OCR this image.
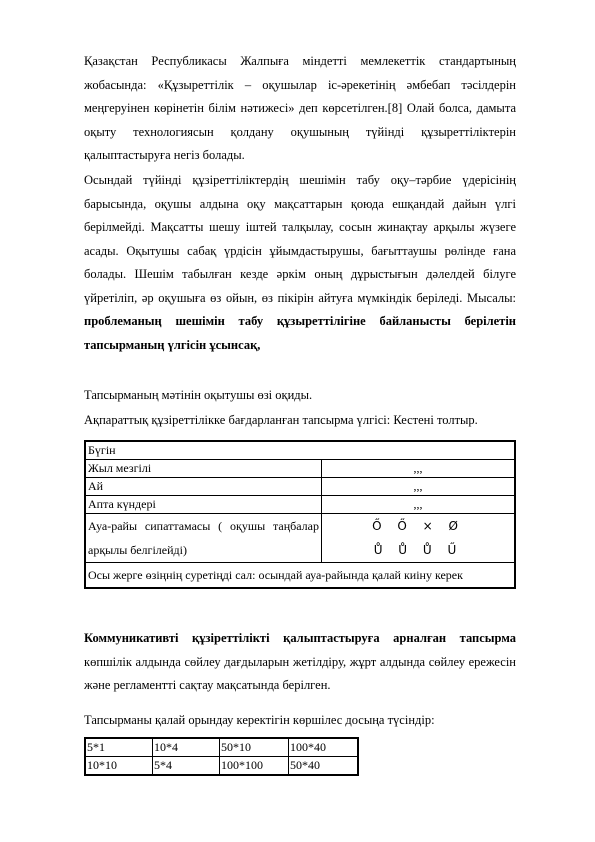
Қазақстан Республикасы Жалпыға міндетті мемлекеттік стандартының жобасында: «Құзыреттілік – оқушылар іс-әрекетінің әмбебап тәсілдерін меңгеруінен көрінетін білім нәтижесі» деп көрсетілген.[8] Олай болса, дамыта оқыту технологиясын қолдану оқушының түйінді құзыреттіліктерін қалыптастыруға негіз болады.

Осындай түйінді құзіреттіліктердің шешімін табу оқу–тәрбие үдерісінің барысында, оқушы алдына оқу мақсаттарын қоюда ешқандай дайын үлгі берілмейді. Мақсатты шешу іштей талқылау, сосын жинақтау арқылы жүзеге асады. Оқытушы сабақ үрдісін ұйымдастырушы, бағыттаушы рөлінде ғана болады. Шешім табылған кезде әркім оның дұрыстығын дәлелдей білуге үйретіліп, әр оқушыға өз ойын, өз пікірін айтуға мүмкіндік беріледі. Мысалы: проблеманың шешімін табу құзыреттілігіне байланысты берілетін тапсырманың үлгісін ұсынсақ,

Тапсырманың мәтінін оқытушы өзі оқиды.

Ақпараттық құзіреттілікке бағдарланған тапсырма үлгісі: Кестені толтыр.

Бүгін	
Жыл мезгілі	,,,
Ай	,,,
Апта күндері	,,,
Ауа-райы сипаттамасы ( оқушы таңбалар арқылы белгілейді)	Ő Ő × Ø
Ů Ů Ů Ű

Осы жерге өзіңнің суретіңді сал: осындай ауа-райында қалай киіну керек	

Коммуникативті құзіреттілікті қалыптастыруға арналған тапсырма көпшілік алдында сөйлеу дағдыларын жетілдіру, жұрт алдында сөйлеу ережесін және регламентті сақтау мақсатында берілген.

Тапсырманы қалай орындау керектігін көршілес досыңа түсіндір:

5*1	10*4	50*10	100*40
10*10	5*4	100*100	50*40
